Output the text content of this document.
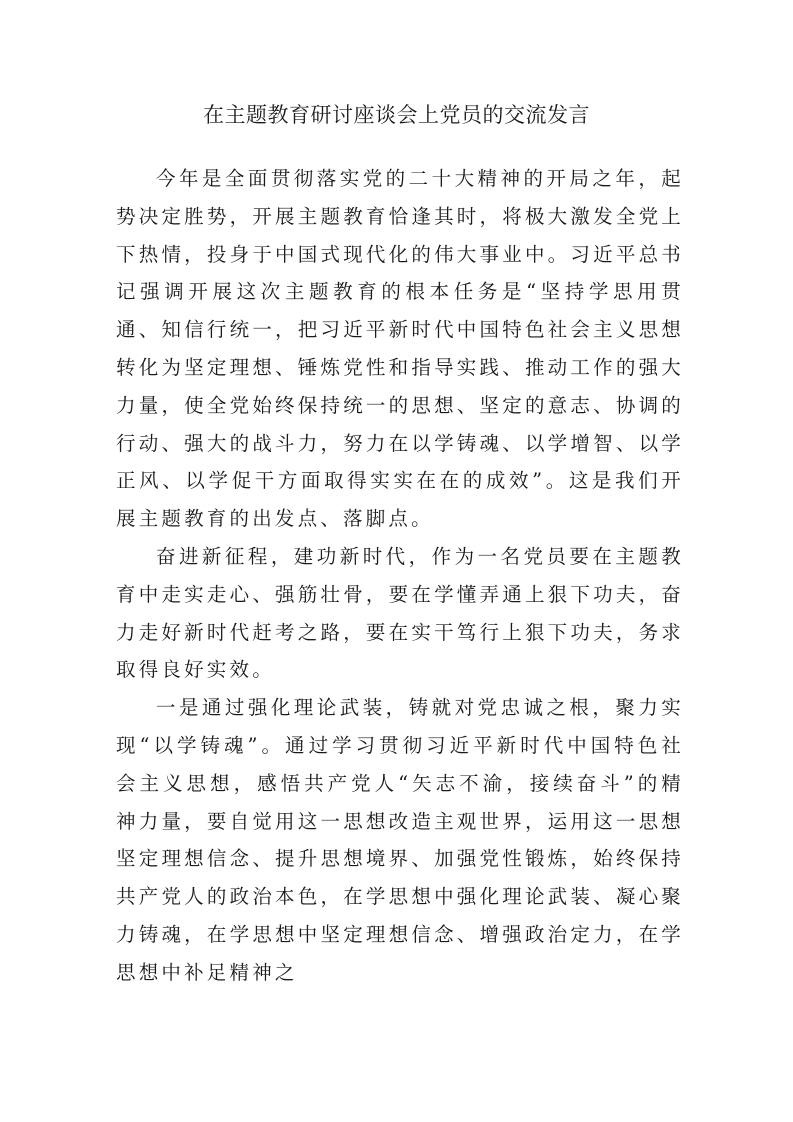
在主题教育研讨座谈会上党员的交流发言

今年是全面贯彻落实党的二十大精神的开局之年，起势决定胜势，开展主题教育恰逢其时，将极大激发全党上下热情，投身于中国式现代化的伟大事业中。习近平总书记强调开展这次主题教育的根本任务是“坚持学思用贯通、知信行统一，把习近平新时代中国特色社会主义思想转化为坚定理想、锤炼党性和指导实践、推动工作的强大力量，使全党始终保持统一的思想、坚定的意志、协调的行动、强大的战斗力，努力在以学铸魂、以学增智、以学正风、以学促干方面取得实实在在的成效”。这是我们开展主题教育的出发点、落脚点。

奋进新征程，建功新时代，作为一名党员要在主题教育中走实走心、强筋壮骨，要在学懂弄通上狠下功夫，奋力走好新时代赶考之路，要在实干笃行上狠下功夫，务求取得良好实效。

一是通过强化理论武装，铸就对党忠诚之根，聚力实现“以学铸魂”。通过学习贯彻习近平新时代中国特色社会主义思想，感悟共产党人“矢志不渝，接续奋斗”的精神力量，要自觉用这一思想改造主观世界，运用这一思想坚定理想信念、提升思想境界、加强党性锻炼，始终保持共产党人的政治本色，在学思想中强化理论武装、凝心聚力铸魂，在学思想中坚定理想信念、增强政治定力，在学思想中补足精神之
